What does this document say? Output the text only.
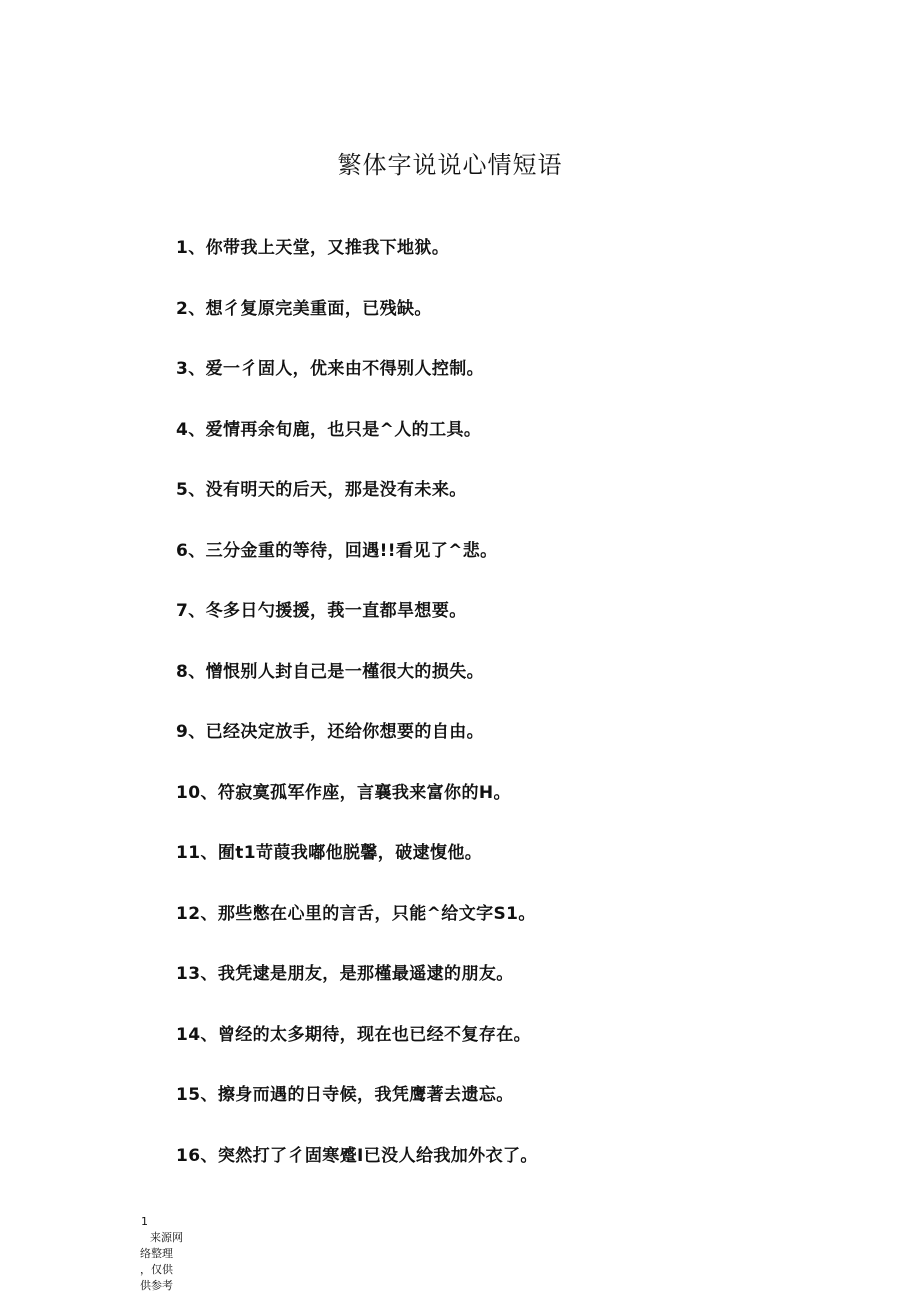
繁体字说说心情短语
1、你带我上天堂，又推我下地狱。
2、想彳复原完美重面，已残缺。
3、爱一彳固人，优来由不得别人控制。
4、爱情再余旬鹿，也只是^人的工具。
5、没有明天的后天，那是没有未来。
6、三分金重的等待，回遇!!看见了^悲。
7、冬多日勺援援，莪一直都旱想要。
8、憎恨别人封自己是一槿很大的损失。
9、已经决定放手，还给你想要的自由。
10、符寂寞孤军作座，言襄我来富你的H。
11、囿t1苛葭我嘟他脱馨，破逮愎他。
12、那些憋在心里的言舌，只能^给文字S1。
13、我凭逮是朋友，是那槿最遥逮的朋友。
14、曾经的太多期待，现在也已经不复存在。
15、擦身而遇的日寺候，我凭鹰著去遗忘。
16、突然打了彳固寒蹙I已没人给我加外衣了。
1
来源网
络整理
，仅供
供参考
